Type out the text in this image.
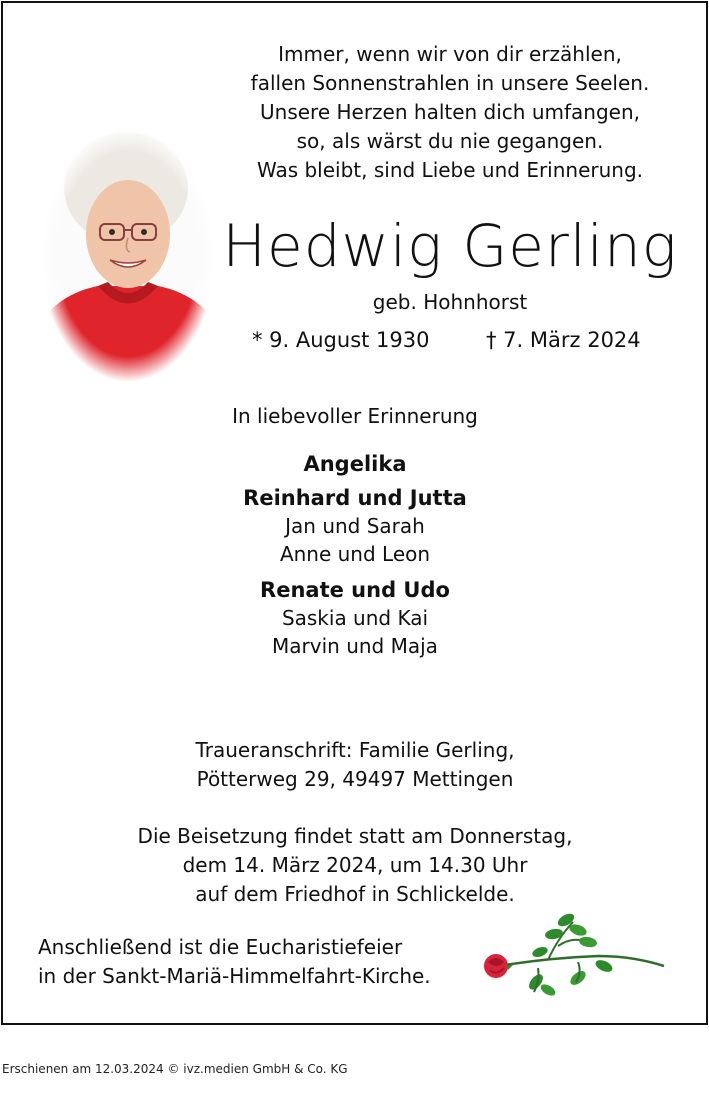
Immer, wenn wir von dir erzählen,
fallen Sonnenstrahlen in unsere Seelen.
Unsere Herzen halten dich umfangen,
so, als wärst du nie gegangen.
Was bleibt, sind Liebe und Erinnerung.
Hedwig Gerling
geb. Hohnhorst
* 9. August 1930	† 7. März 2024
In liebevoller Erinnerung
Angelika
Reinhard und Jutta
Jan und Sarah
Anne und Leon
Renate und Udo
Saskia und Kai
Marvin und Maja
Traueranschrift: Familie Gerling,
Pötterweg 29, 49497 Mettingen
Die Beisetzung findet statt am Donnerstag,
dem 14. März 2024, um 14.30 Uhr
auf dem Friedhof in Schlickelde.
Anschließend ist die Eucharistiefeier
in der Sankt-Mariä-Himmelfahrt-Kirche.
Erschienen am 12.03.2024 © ivz.medien GmbH & Co. KG
